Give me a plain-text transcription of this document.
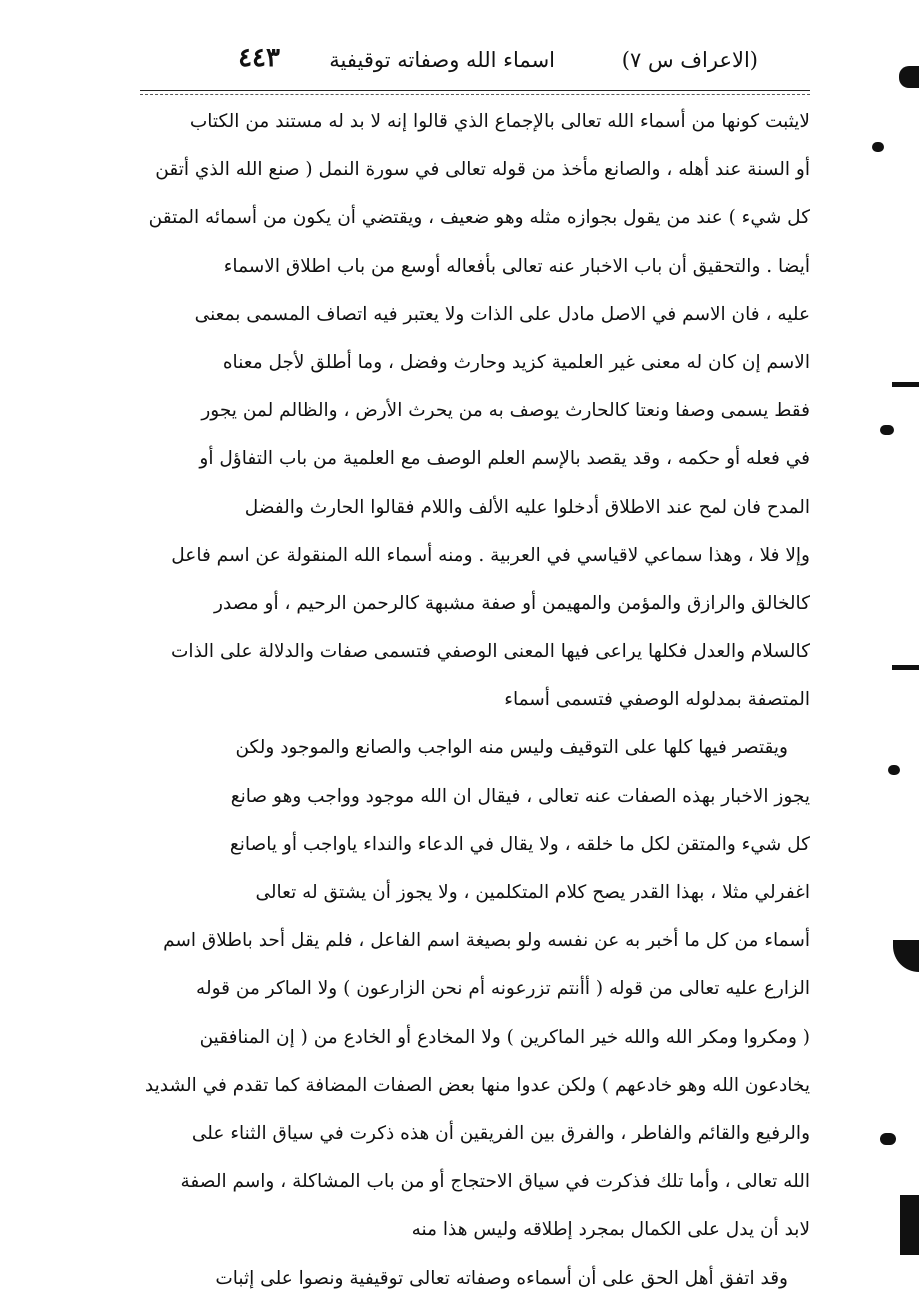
(الاعراف س ٧)
اسماء الله وصفاته توقيفية
٤٤٣
لايثبت كونها من أسماء الله تعالى بالإجماع الذي قالوا إنه لا بد له مستند من الكتاب
أو السنة عند أهله ، والصانع مأخذ من قوله تعالى في سورة النمل ( صنع الله الذي أتقن
كل شيء ) عند من يقول بجوازه مثله وهو ضعيف ، ويقتضي أن يكون من أسمائه المتقن
أيضا . والتحقيق أن باب الاخبار عنه تعالى بأفعاله أوسع من باب اطلاق الاسماء
عليه ، فان الاسم في الاصل مادل على الذات ولا يعتبر فيه اتصاف المسمى بمعنى
الاسم إن كان له معنى غير العلمية كزيد وحارث وفضل ، وما أطلق لأجل معناه
فقط يسمى وصفا ونعتا كالحارث يوصف به من يحرث الأرض ، والظالم لمن يجور
في فعله أو حكمه ، وقد يقصد بالإسم العلم الوصف مع العلمية من باب التفاؤل أو
المدح فان لمح عند الاطلاق أدخلوا عليه الألف واللام فقالوا الحارث والفضل
وإلا فلا ، وهذا سماعي لاقياسي في العربية . ومنه أسماء الله المنقولة عن اسم فاعل
كالخالق والرازق والمؤمن والمهيمن أو صفة مشبهة كالرحمن الرحيم ، أو مصدر
كالسلام والعدل فكلها يراعى فيها المعنى الوصفي فتسمى صفات والدلالة على الذات
المتصفة بمدلوله الوصفي فتسمى أسماء
ويقتصر فيها كلها على التوقيف وليس منه الواجب والصانع والموجود ولكن
يجوز الاخبار بهذه الصفات عنه تعالى ، فيقال ان الله موجود وواجب وهو صانع
كل شيء والمتقن لكل ما خلقه ، ولا يقال في الدعاء والنداء ياواجب أو ياصانع
اغفرلي مثلا ، بهذا القدر يصح كلام المتكلمين ، ولا يجوز أن يشتق له تعالى
أسماء من كل ما أخبر به عن نفسه ولو بصيغة اسم الفاعل ، فلم يقل أحد باطلاق اسم
الزارع عليه تعالى من قوله ( أأنتم تزرعونه أم نحن الزارعون ) ولا الماكر من قوله
( ومكروا ومكر الله والله خير الماكرين ) ولا المخادع أو الخادع من ( إن المنافقين
يخادعون الله وهو خادعهم ) ولكن عدوا منها بعض الصفات المضافة كما تقدم في الشديد
والرفيع والقائم والفاطر ، والفرق بين الفريقين أن هذه ذكرت في سياق الثناء على
الله تعالى ، وأما تلك فذكرت في سياق الاحتجاج أو من باب المشاكلة ، واسم الصفة
لابد أن يدل على الكمال بمجرد إطلاقه وليس هذا منه
وقد اتفق أهل الحق على أن أسماءه وصفاته تعالى توقيفية ونصوا على إثبات
